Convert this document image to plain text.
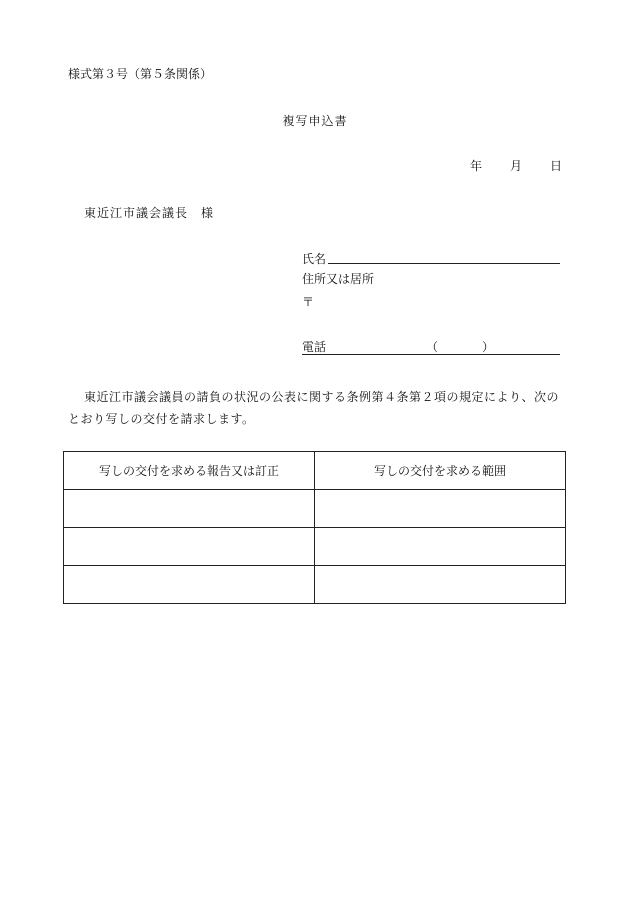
様式第３号（第５条関係）
複写申込書
年 月 日
東近江市議会議長　様
氏名
住所又は居所
〒
電話	（	）
東近江市議会議員の請負の状況の公表に関する条例第４条第２項の規定により、次のとおり写しの交付を請求します。
写しの交付を求める報告又は訂正	写しの交付を求める範囲
